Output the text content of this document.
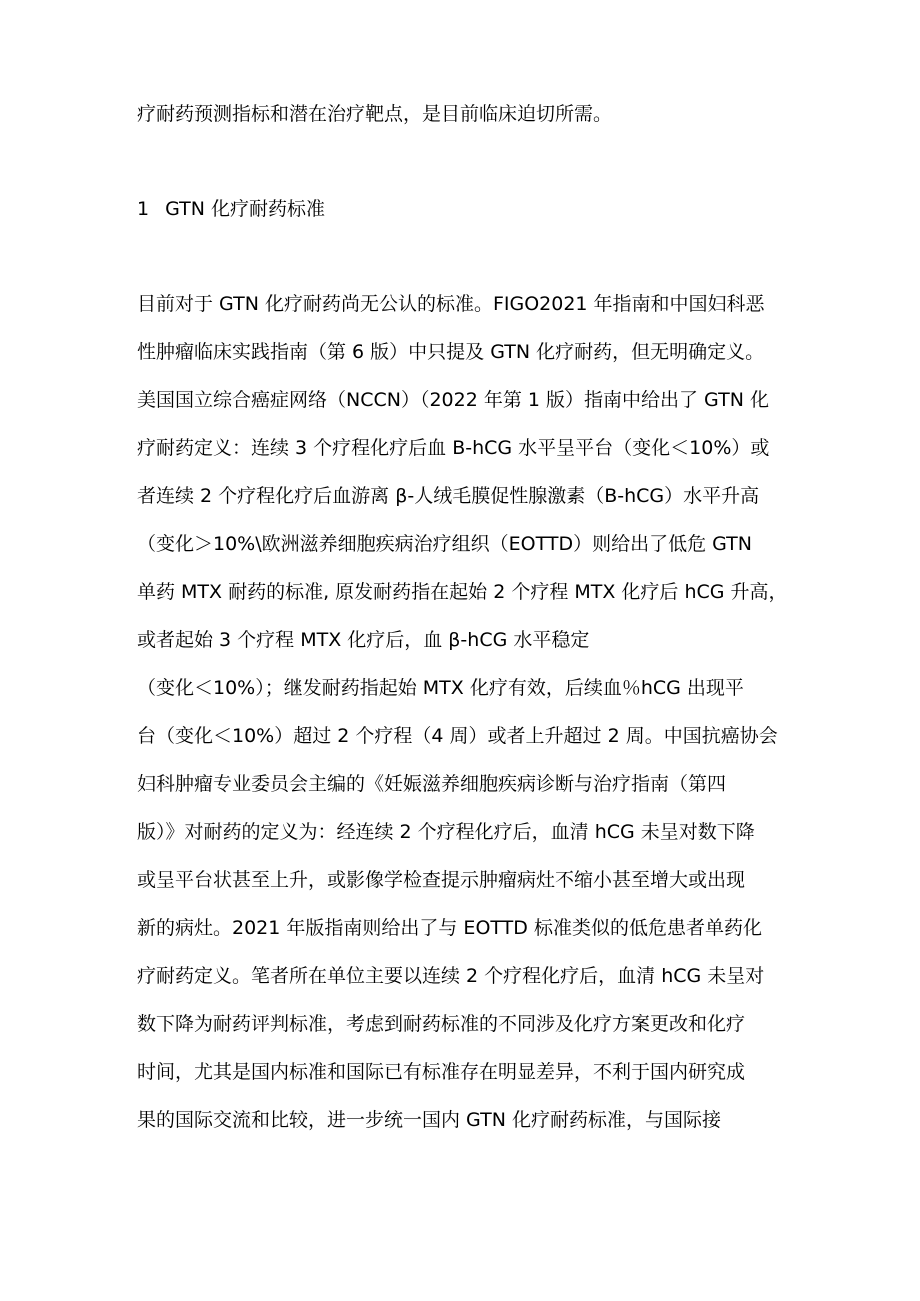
疗耐药预测指标和潜在治疗靶点，是目前临床迫切所需。
1 GTN 化疗耐药标准
目前对于 GTN 化疗耐药尚无公认的标准。FIGO2021 年指南和中国妇科恶
性肿瘤临床实践指南（第 6 版）中只提及 GTN 化疗耐药，但无明确定义。
美国国立综合癌症网络（NCCN）（2022 年第 1 版）指南中给出了 GTN 化
疗耐药定义：连续 3 个疗程化疗后血 B-hCG 水平呈平台（变化＜10%）或
者连续 2 个疗程化疗后血游离 β-人绒毛膜促性腺激素（B-hCG）水平升高
（变化＞10%\欧洲滋养细胞疾病治疗组织（EOTTD）则给出了低危 GTN
单药 MTX 耐药的标准, 原发耐药指在起始 2 个疗程 MTX 化疗后 hCG 升高，
或者起始 3 个疗程 MTX 化疗后，血 β-hCG 水平稳定
（变化＜10%）；继发耐药指起始 MTX 化疗有效，后续血％hCG 出现平
台（变化＜10%）超过 2 个疗程（4 周）或者上升超过 2 周。中国抗癌协会
妇科肿瘤专业委员会主编的《妊娠滋养细胞疾病诊断与治疗指南（第四
版）》对耐药的定义为：经连续 2 个疗程化疗后，血清 hCG 未呈对数下降
或呈平台状甚至上升，或影像学检查提示肿瘤病灶不缩小甚至增大或出现
新的病灶。2021 年版指南则给出了与 EOTTD 标准类似的低危患者单药化
疗耐药定义。笔者所在单位主要以连续 2 个疗程化疗后，血清 hCG 未呈对
数下降为耐药评判标准，考虑到耐药标准的不同涉及化疗方案更改和化疗
时间，尤其是国内标准和国际已有标准存在明显差异，不利于国内研究成
果的国际交流和比较，进一步统一国内 GTN 化疗耐药标准，与国际接
